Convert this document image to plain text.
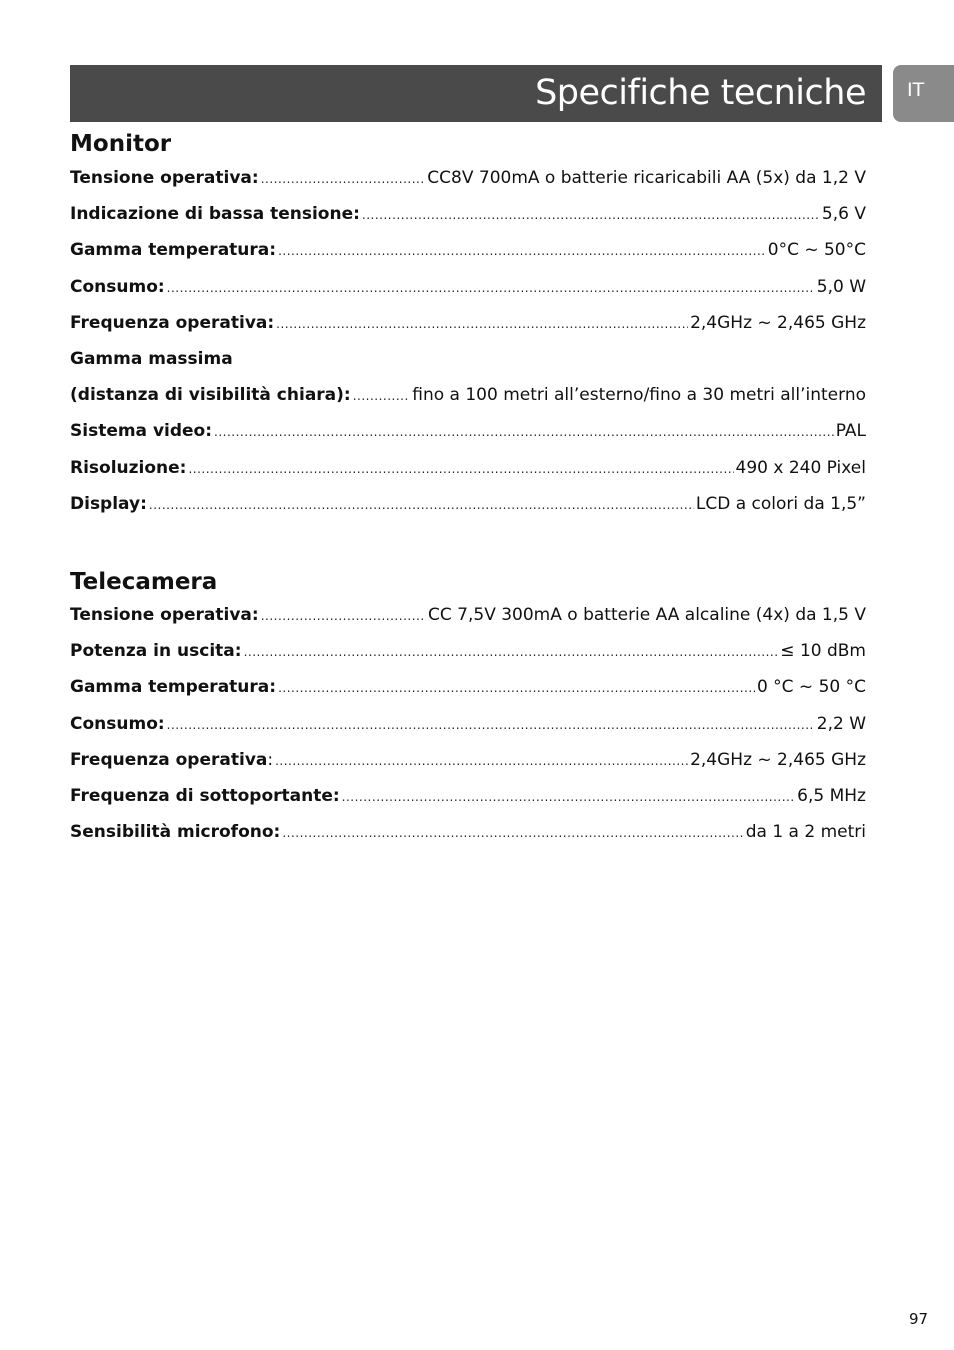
Specifiche tecniche IT
Monitor
Tensione operativa: .....	CC8V 700mA o batterie ricaricabili AA (5x) da 1,2 V
Indicazione di bassa tensione: .....	5,6 V
Gamma temperatura: .....	0°C ~ 50°C
Consumo: .....	5,0 W
Frequenza operativa: .....	2,4GHz ~ 2,465 GHz
Gamma massima
(distanza di visibilità chiara): .....	fino a 100 metri all’esterno/fino a 30 metri all’interno
Sistema video: .....	PAL
Risoluzione: .....	490 x 240 Pixel
Display: .....	LCD a colori da 1,5”
Telecamera
Tensione operativa: .....	CC 7,5V 300mA o batterie AA alcaline (4x) da 1,5 V
Potenza in uscita: .....	≤ 10 dBm
Gamma temperatura: .....	0 °C ~ 50 °C
Consumo: .....	2,2 W
Frequenza operativa : .....	2,4GHz ~ 2,465 GHz
Frequenza di sottoportante: .....	6,5 MHz
Sensibilità microfono: .....	da 1 a 2 metri
97
